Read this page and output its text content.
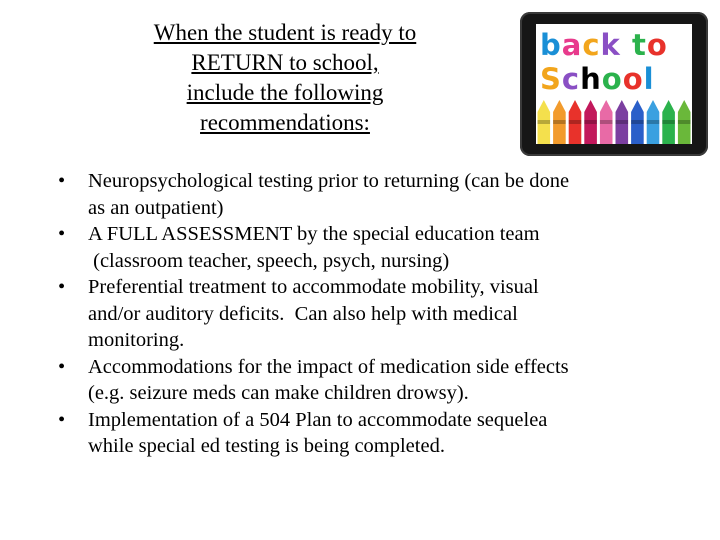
When the student is ready to
RETURN to school,
include the following
recommendations:
back to
School
• Neuropsychological testing prior to returning (can be done
as an outpatient)
• A FULL ASSESSMENT by the special education team
(classroom teacher, speech, psych, nursing)
• Preferential treatment to accommodate mobility, visual
and/or auditory deficits.  Can also help with medical
monitoring.
• Accommodations for the impact of medication side effects
(e.g. seizure meds can make children drowsy).
• Implementation of a 504 Plan to accommodate sequelea
while special ed testing is being completed.
